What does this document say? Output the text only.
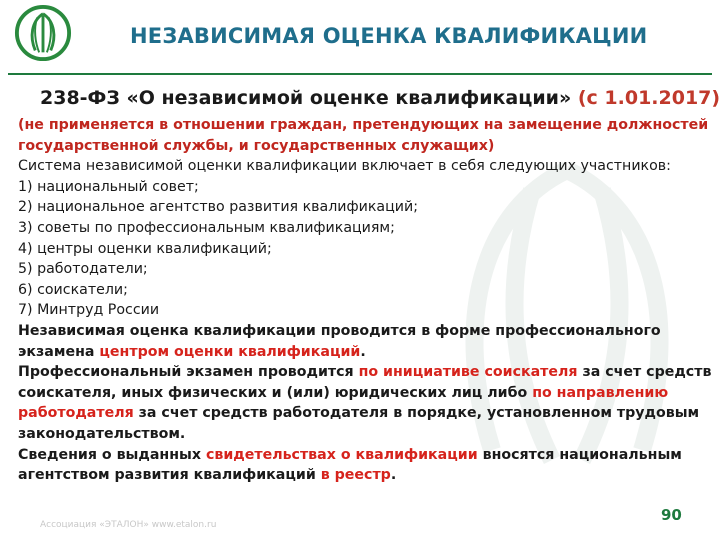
НЕЗАВИСИМАЯ ОЦЕНКА КВАЛИФИКАЦИИ
238-ФЗ «О независимой оценке квалификации» (с 1.01.2017)

(не применяется в отношении граждан, претендующих на замещение должностей государственной службы, и государственных служащих)

Система независимой оценки квалификации включает в себя следующих участников:

1) национальный совет;
2) национальное агентство развития квалификаций;
3) советы по профессиональным квалификациям;
4) центры оценки квалификаций;
5) работодатели;
6) соискатели;
7) Минтруд России

Независимая оценка квалификации проводится в форме профессионального экзамена центром оценки квалификаций.

Профессиональный экзамен проводится по инициативе соискателя за счет средств соискателя, иных физических и (или) юридических лиц либо по направлению работодателя за счет средств работодателя в порядке, установленном трудовым законодательством.

Сведения о выданных свидетельствах о квалификации вносятся национальным агентством развития квалификаций в реестр.

Ассоциация «ЭТАЛОН» www.etalon.ru
90
